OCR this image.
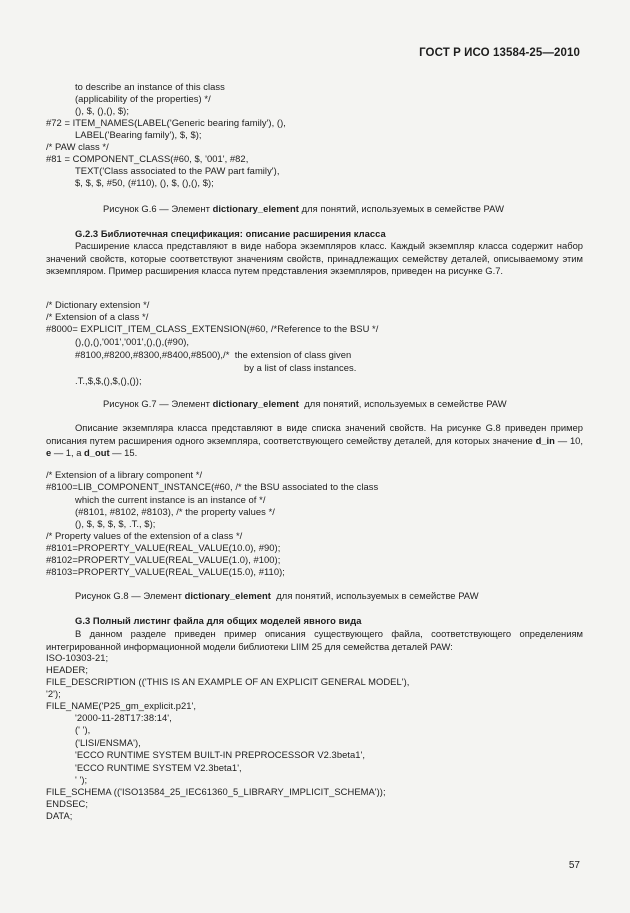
ГОСТ Р ИСО 13584-25—2010
to describe an instance of this class
(applicability of the properties) */
(), $, (),(), $);
#72 = ITEM_NAMES(LABEL('Generic bearing family'), (),
LABEL('Bearing family'), $, $);
/* PAW class */
#81 = COMPONENT_CLASS(#60, $, '001', #82,
TEXT('Class associated to the PAW part family'),
$, $, $, #50, (#110), (), $, (),(), $);
Рисунок G.6 — Элемент dictionary_element для понятий, используемых в семействе PAW
G.2.3 Библиотечная спецификация: описание расширения класса
Расширение класса представляют в виде набора экземпляров класс. Каждый экземпляр класса содержит набор значений свойств, которые соответствуют значениям свойств, принадлежащих семейству деталей, описываемому этим экземпляром. Пример расширения класса путем представления экземпляров, приведен на рисунке G.7.
/* Dictionary extension */
/* Extension of a class */
#8000= EXPLICIT_ITEM_CLASS_EXTENSION(#60, /*Reference to the BSU */
(),(),(),'001','001',(),(),(#90),
#8100,#8200,#8300,#8400,#8500),/*  the extension of class given
by a list of class instances.
.T.,$,$,(),$,(),());
Рисунок G.7 — Элемент dictionary_element  для понятий, используемых в семействе PAW
Описание экземпляра класса представляют в виде списка значений свойств. На рисунке G.8 приведен пример описания путем расширения одного экземпляра, соответствующего семейству деталей, для которых значение d_in — 10, e — 1, а d_out — 15.
/* Extension of a library component */
#8100=LIB_COMPONENT_INSTANCE(#60, /* the BSU associated to the class
which the current instance is an instance of */
(#8101, #8102, #8103), /* the property values */
(), $, $, $, $, .T., $);
/* Property values of the extension of a class */
#8101=PROPERTY_VALUE(REAL_VALUE(10.0), #90);
#8102=PROPERTY_VALUE(REAL_VALUE(1.0), #100);
#8103=PROPERTY_VALUE(REAL_VALUE(15.0), #110);
Рисунок G.8 — Элемент dictionary_element  для понятий, используемых в семействе PAW
G.3 Полный листинг файла для общих моделей явного вида
В данном разделе приведен пример описания существующего файла, соответствующего определениям интегрированной информационной модели библиотеки LIIM 25 для семейства деталей PAW:
ISO-10303-21;
HEADER;
FILE_DESCRIPTION (('THIS IS AN EXAMPLE OF AN EXPLICIT GENERAL MODEL'),
'2');
FILE_NAME('P25_gm_explicit.p21',
'2000-11-28T17:38:14',
(' '),
('LISI/ENSMA'),
'ECCO RUNTIME SYSTEM BUILT-IN PREPROCESSOR V2.3beta1',
'ECCO RUNTIME SYSTEM V2.3beta1',
' ');
FILE_SCHEMA (('ISO13584_25_IEC61360_5_LIBRARY_IMPLICIT_SCHEMA'));
ENDSEC;
DATA;
57
